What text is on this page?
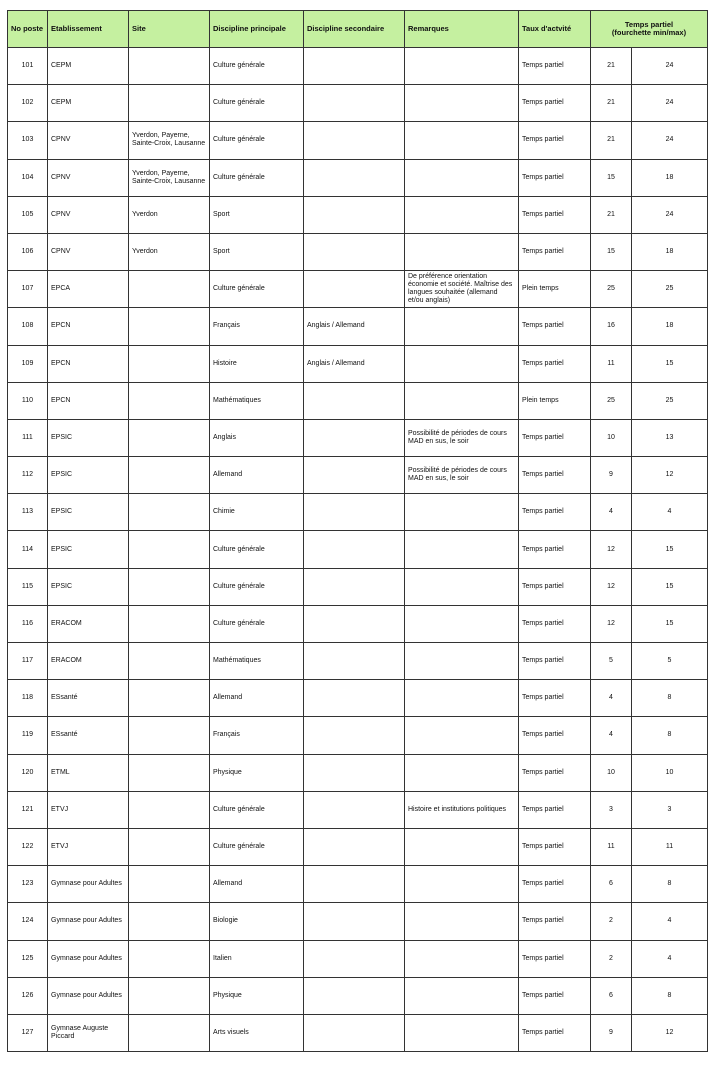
No poste	Etablissement	Site	Discipline principale	Discipline secondaire	Remarques	Taux d'actvité	Temps partiel
(fourchette min/max)	

101	CEPM		Culture générale			Temps partiel	21	24
102	CEPM		Culture générale			Temps partiel	21	24
103	CPNV	Yverdon, Payerne, Sainte-Croix, Lausanne	Culture générale			Temps partiel	21	24
104	CPNV	Yverdon, Payerne, Sainte-Croix, Lausanne	Culture générale			Temps partiel	15	18
105	CPNV	Yverdon	Sport			Temps partiel	21	24
106	CPNV	Yverdon	Sport			Temps partiel	15	18
107	EPCA		Culture générale		De préférence orientation économie et société. Maîtrise des langues souhaitée (allemand et/ou anglais)	Plein temps	25	25
108	EPCN		Français	Anglais / Allemand		Temps partiel	16	18
109	EPCN		Histoire	Anglais / Allemand		Temps partiel	11	15
110	EPCN		Mathématiques			Plein temps	25	25
111	EPSIC		Anglais		Possibilité de périodes de cours MAD en sus, le soir	Temps partiel	10	13
112	EPSIC		Allemand		Possibilité de périodes de cours MAD en sus, le soir	Temps partiel	9	12
113	EPSIC		Chimie			Temps partiel	4	4
114	EPSIC		Culture générale			Temps partiel	12	15
115	EPSIC		Culture générale			Temps partiel	12	15
116	ERACOM		Culture générale			Temps partiel	12	15
117	ERACOM		Mathématiques			Temps partiel	5	5
118	ESsanté		Allemand			Temps partiel	4	8
119	ESsanté		Français			Temps partiel	4	8
120	ETML		Physique			Temps partiel	10	10
121	ETVJ		Culture générale		Histoire et institutions politiques	Temps partiel	3	3
122	ETVJ		Culture générale			Temps partiel	11	11
123	Gymnase pour Adultes		Allemand			Temps partiel	6	8
124	Gymnase pour Adultes		Biologie			Temps partiel	2	4
125	Gymnase pour Adultes		Italien			Temps partiel	2	4
126	Gymnase pour Adultes		Physique			Temps partiel	6	8
127	Gymnase Auguste Piccard		Arts visuels			Temps partiel	9	12
